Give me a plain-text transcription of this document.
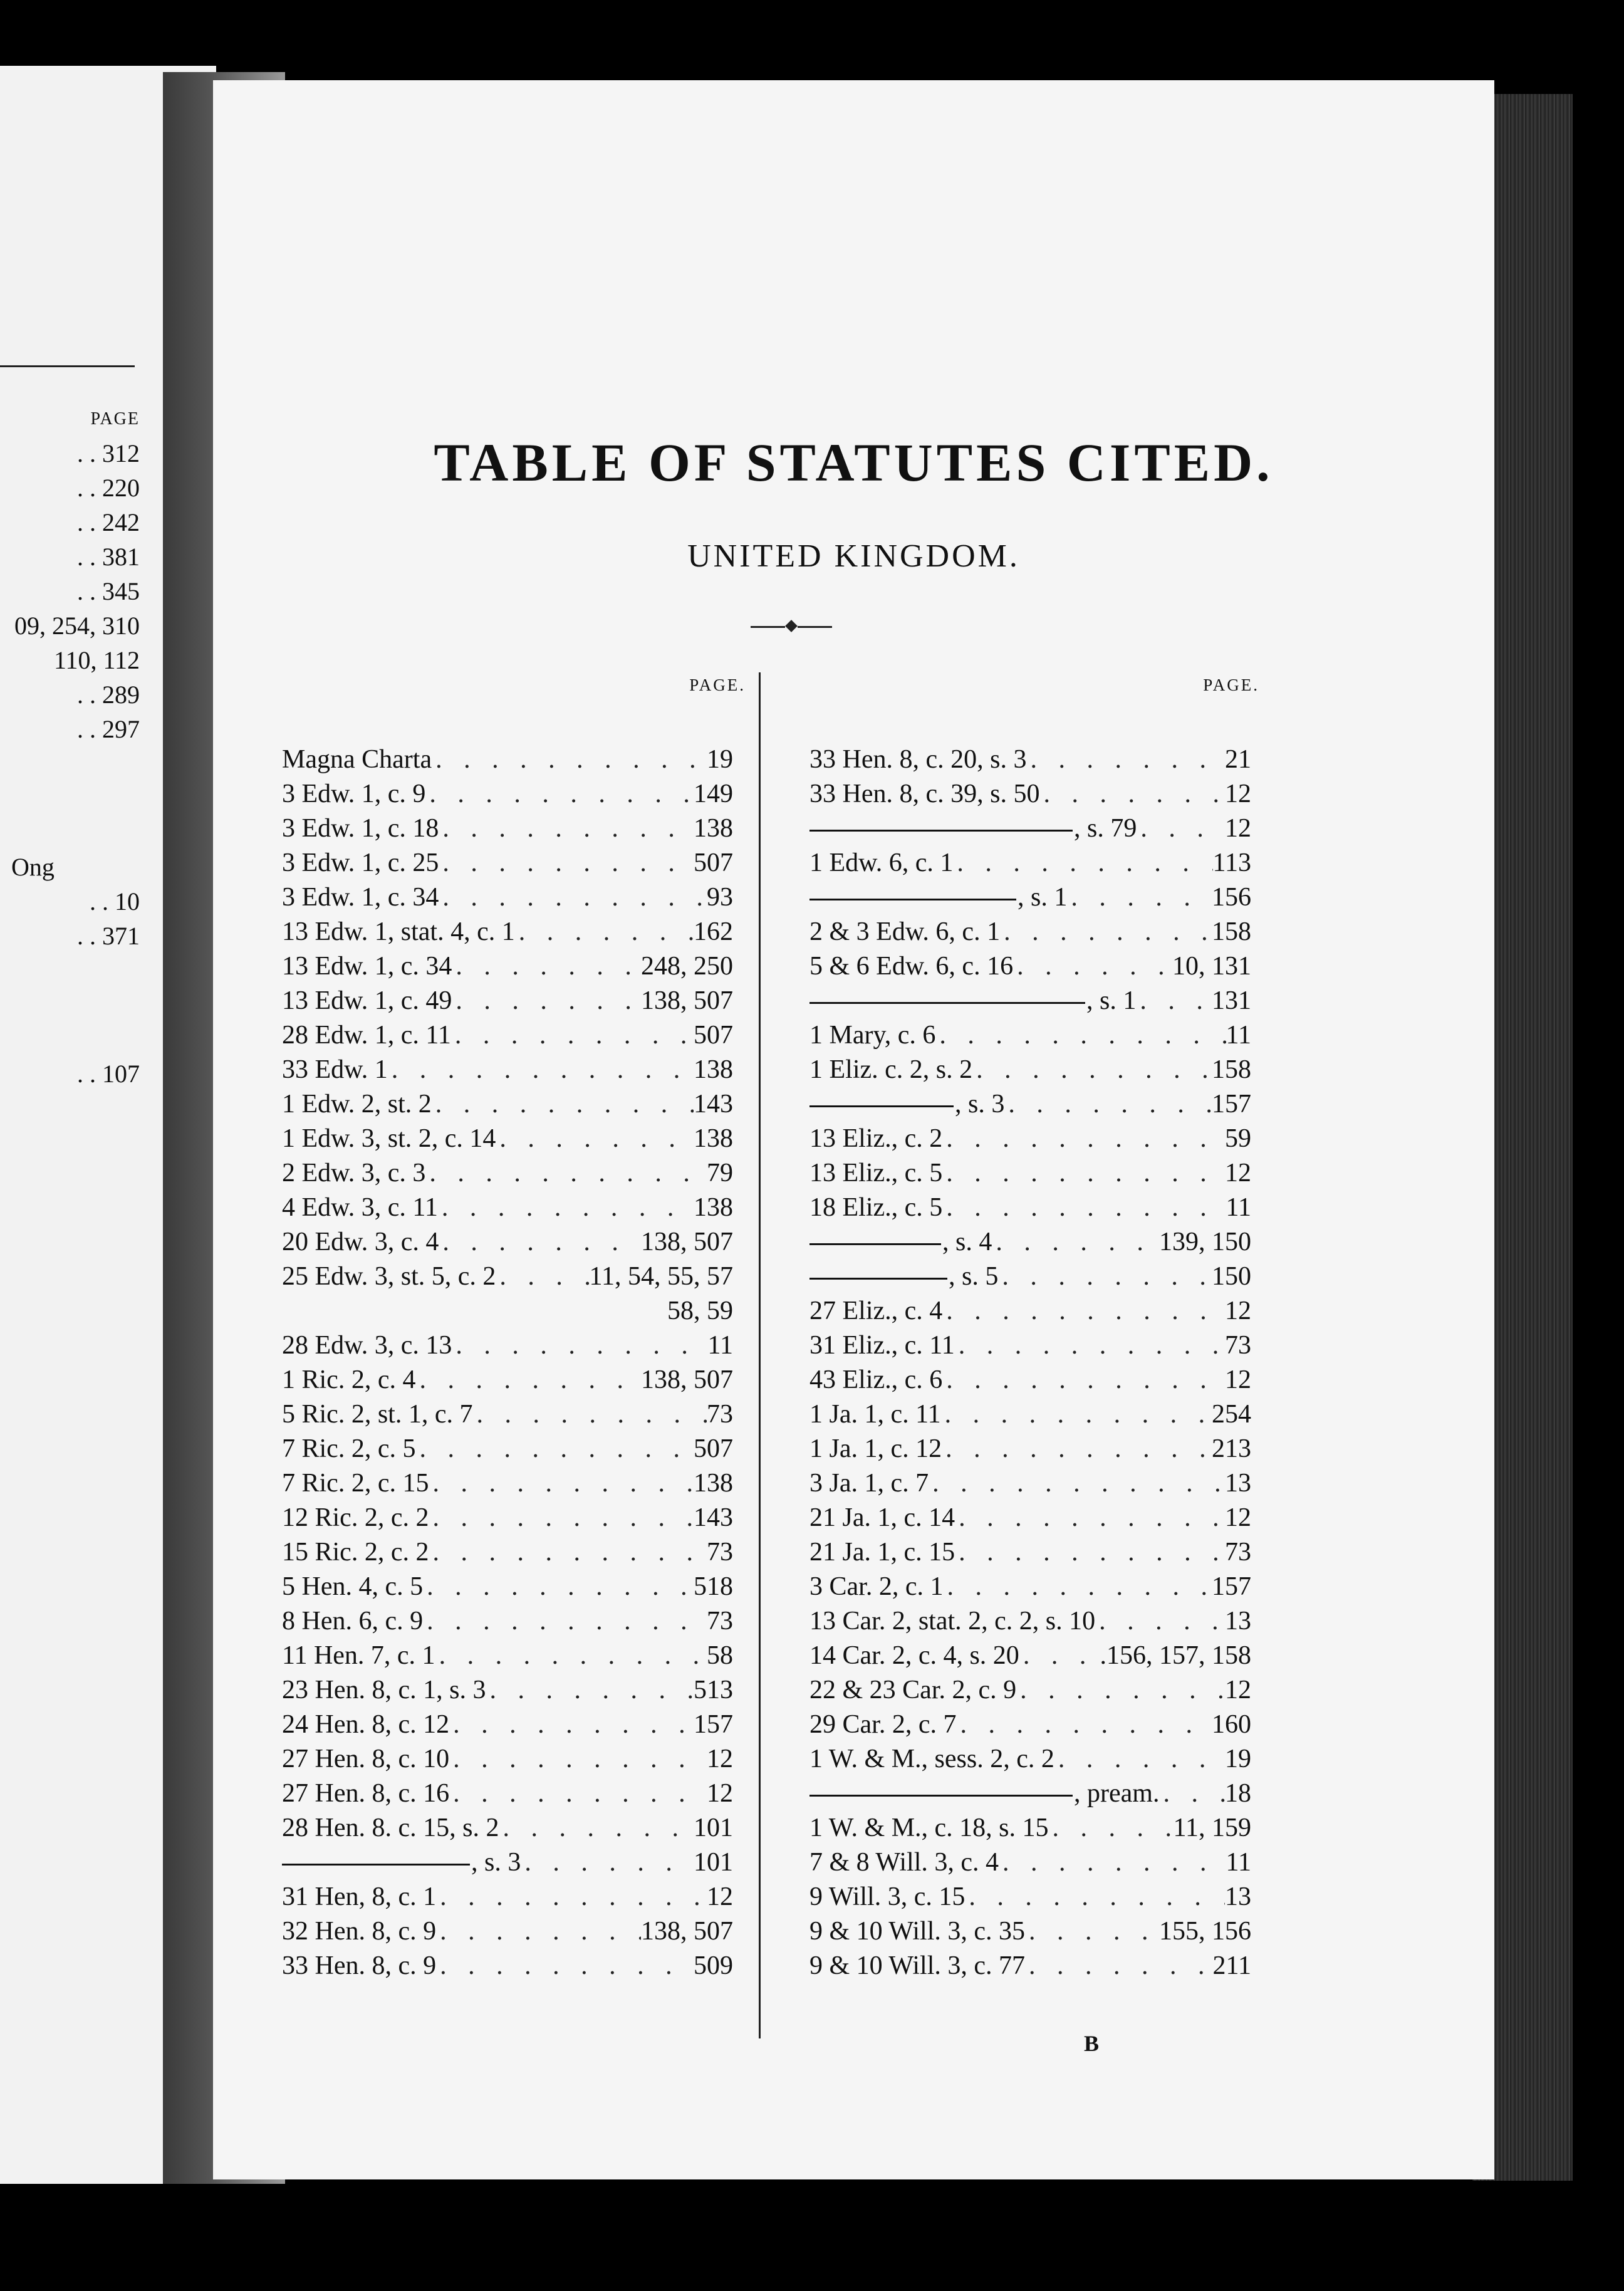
PAGE
. . 312
. . 220
. . 242
. . 381
. . 345
09, 254, 310
110, 112
. . 289
. . 297
Ong
. . 10
. . 371
. . 107
TABLE OF STATUTES CITED.
UNITED KINGDOM.
PAGE.	PAGE.
Magna Charta . . .	19
3 Edw. 1, c. 9 . . .	149
3 Edw. 1, c. 18 . . .	138
3 Edw. 1, c. 25 . . .	507
3 Edw. 1, c. 34 . . .	93
13 Edw. 1, stat. 4, c. 1 . . .	162
13 Edw. 1, c. 34 . . .	248, 250
13 Edw. 1, c. 49 . . .	138, 507
28 Edw. 1, c. 11 . . .	507
33 Edw. 1 . . .	138
1 Edw. 2, st. 2 . . .	143
1 Edw. 3, st. 2, c. 14 . . .	138
2 Edw. 3, c. 3 . . .	79
4 Edw. 3, c. 11 . . .	138
20 Edw. 3, c. 4 . . .	138, 507
25 Edw. 3, st. 5, c. 2 . . .	11, 54, 55, 57
58, 59
28 Edw. 3, c. 13 . . .	11
1 Ric. 2, c. 4 . . .	138, 507
5 Ric. 2, st. 1, c. 7 . . .	73
7 Ric. 2, c. 5 . . .	507
7 Ric. 2, c. 15 . . .	138
12 Ric. 2, c. 2 . . .	143
15 Ric. 2, c. 2 . . .	73
5 Hen. 4, c. 5 . . .	518
8 Hen. 6, c. 9 . . .	73
11 Hen. 7, c. 1 . . .	58
23 Hen. 8, c. 1, s. 3 . . .	513
24 Hen. 8, c. 12 . . .	157
27 Hen. 8, c. 10 . . .	12
27 Hen. 8, c. 16 . . .	12
28 Hen. 8. c. 15, s. 2 . . .	101
, s. 3 . . .	101
31 Hen, 8, c. 1 . . .	12
32 Hen. 8, c. 9 . . .	138, 507
33 Hen. 8, c. 9 . . .	509
33 Hen. 8, c. 20, s. 3 . . .	21
33 Hen. 8, c. 39, s. 50 . . .	12
, s. 79 . . .	12
1 Edw. 6, c. 1 . . .	113
, s. 1 . . .	156
2 & 3 Edw. 6, c. 1 . . .	158
5 & 6 Edw. 6, c. 16 . . .	10, 131
, s. 1 . . .	131
1 Mary, c. 6 . . .	11
1 Eliz. c. 2, s. 2 . . .	158
, s. 3 . . .	157
13 Eliz., c. 2 . . .	59
13 Eliz., c. 5 . . .	12
18 Eliz., c. 5 . . .	11
, s. 4 . . .	139, 150
, s. 5 . . .	150
27 Eliz., c. 4 . . .	12
31 Eliz., c. 11 . . .	73
43 Eliz., c. 6 . . .	12
1 Ja. 1, c. 11 . . .	254
1 Ja. 1, c. 12 . . .	213
3 Ja. 1, c. 7 . . .	13
21 Ja. 1, c. 14 . . .	12
21 Ja. 1, c. 15 . . .	73
3 Car. 2, c. 1 . . .	157
13 Car. 2, stat. 2, c. 2, s. 10 . . .	13
14 Car. 2, c. 4, s. 20 . . .	.156, 157, 158
22 & 23 Car. 2, c. 9 . . .	12
29 Car. 2, c. 7 . . .	160
1 W. & M., sess. 2, c. 2 . . .	19
, pream. . . . 18
1 W. & M., c. 18, s. 15 . . .	11, 159
7 & 8 Will. 3, c. 4 . . .	11
9 Will. 3, c. 15 . . .	13
9 & 10 Will. 3, c. 35 . . .	155, 156
9 & 10 Will. 3, c. 77 . . .	211
B
